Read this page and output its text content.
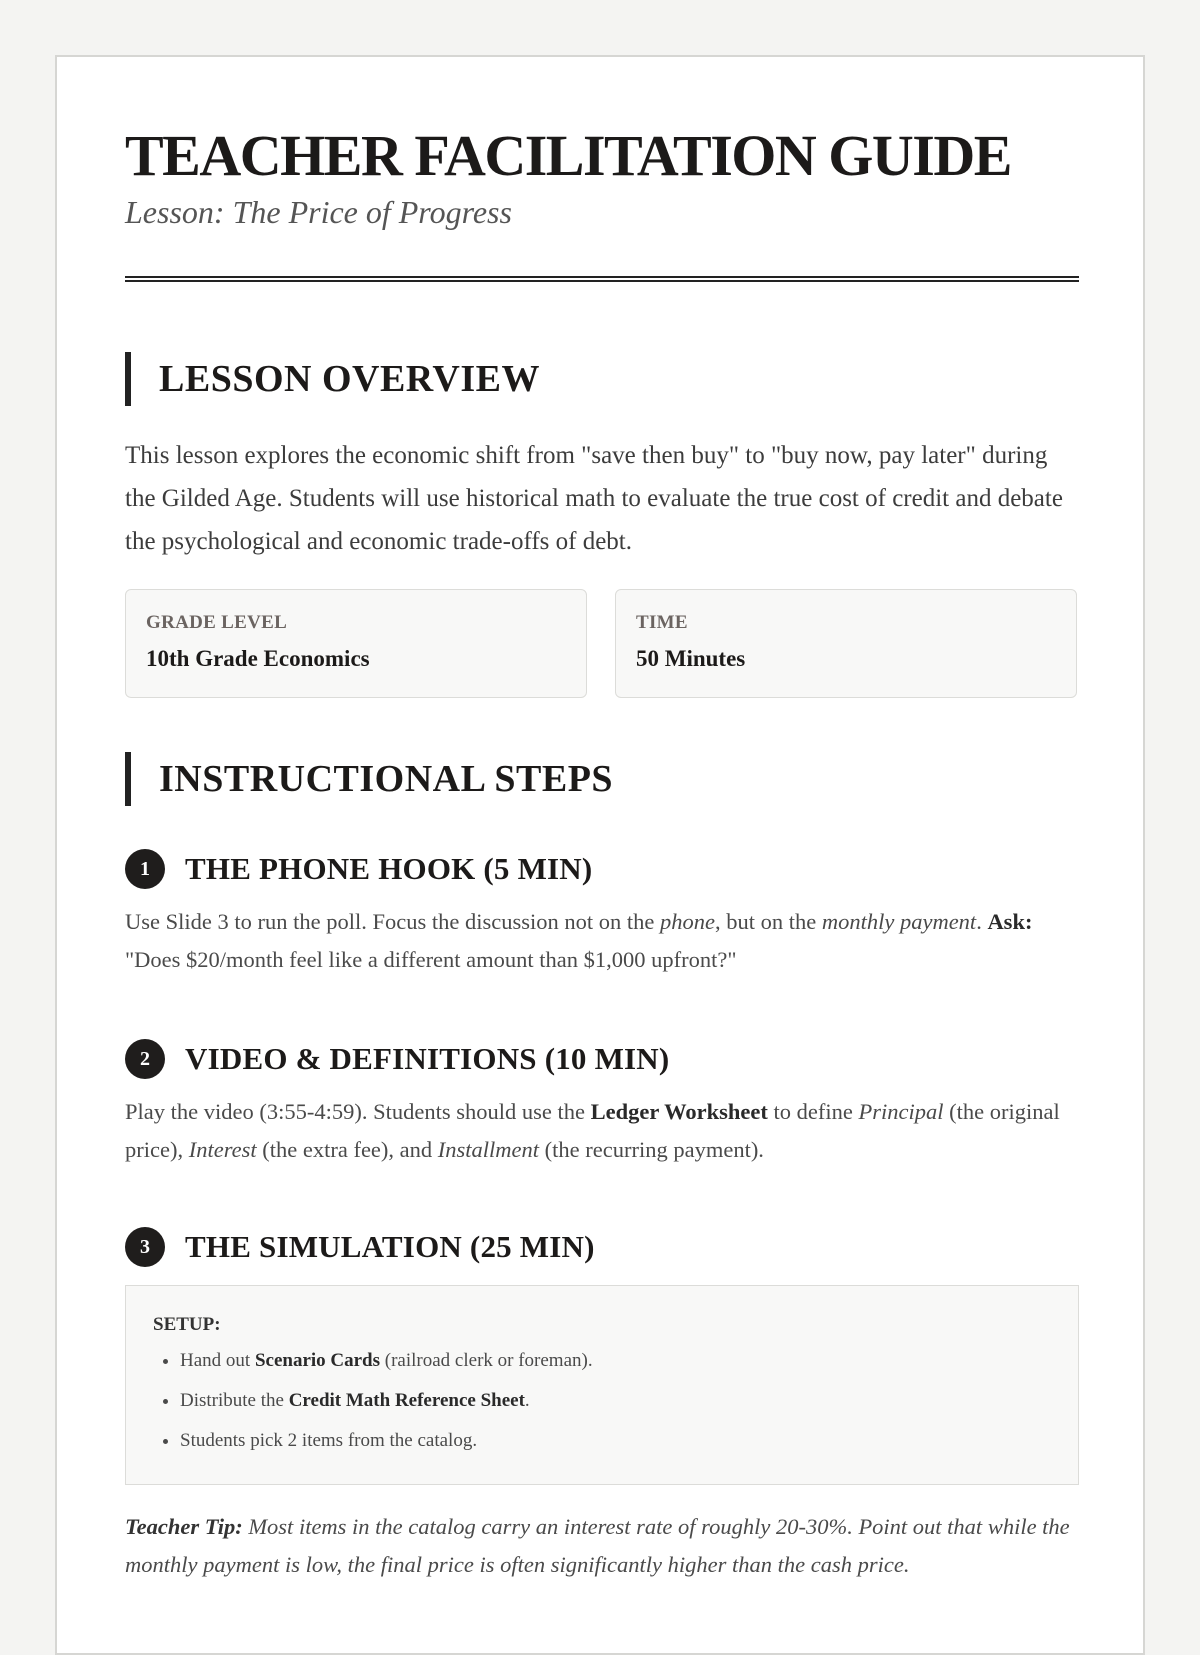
TEACHER FACILITATION GUIDE
Lesson: The Price of Progress
LESSON OVERVIEW

This lesson explores the economic shift from "save then buy" to "buy now, pay later" during the Gilded Age. Students will use historical math to evaluate the true cost of credit and debate the psychological and economic trade-offs of debt.

GRADE LEVEL
10th Grade Economics
TIME
50 Minutes
INSTRUCTIONAL STEPS
1	THE PHONE HOOK (5 MIN)

Use Slide 3 to run the poll. Focus the discussion not on the phone, but on the monthly payment. Ask: "Does $20/month feel like a different amount than $1,000 upfront?"

2	VIDEO & DEFINITIONS (10 MIN)

Play the video (3:55-4:59). Students should use the Ledger Worksheet to define Principal (the original price), Interest (the extra fee), and Installment (the recurring payment).

3	THE SIMULATION (25 MIN)
SETUP:
• Hand out Scenario Cards (railroad clerk or foreman).
• Distribute the Credit Math Reference Sheet.
• Students pick 2 items from the catalog.

Teacher Tip: Most items in the catalog carry an interest rate of roughly 20-30%. Point out that while the monthly payment is low, the final price is often significantly higher than the cash price.
